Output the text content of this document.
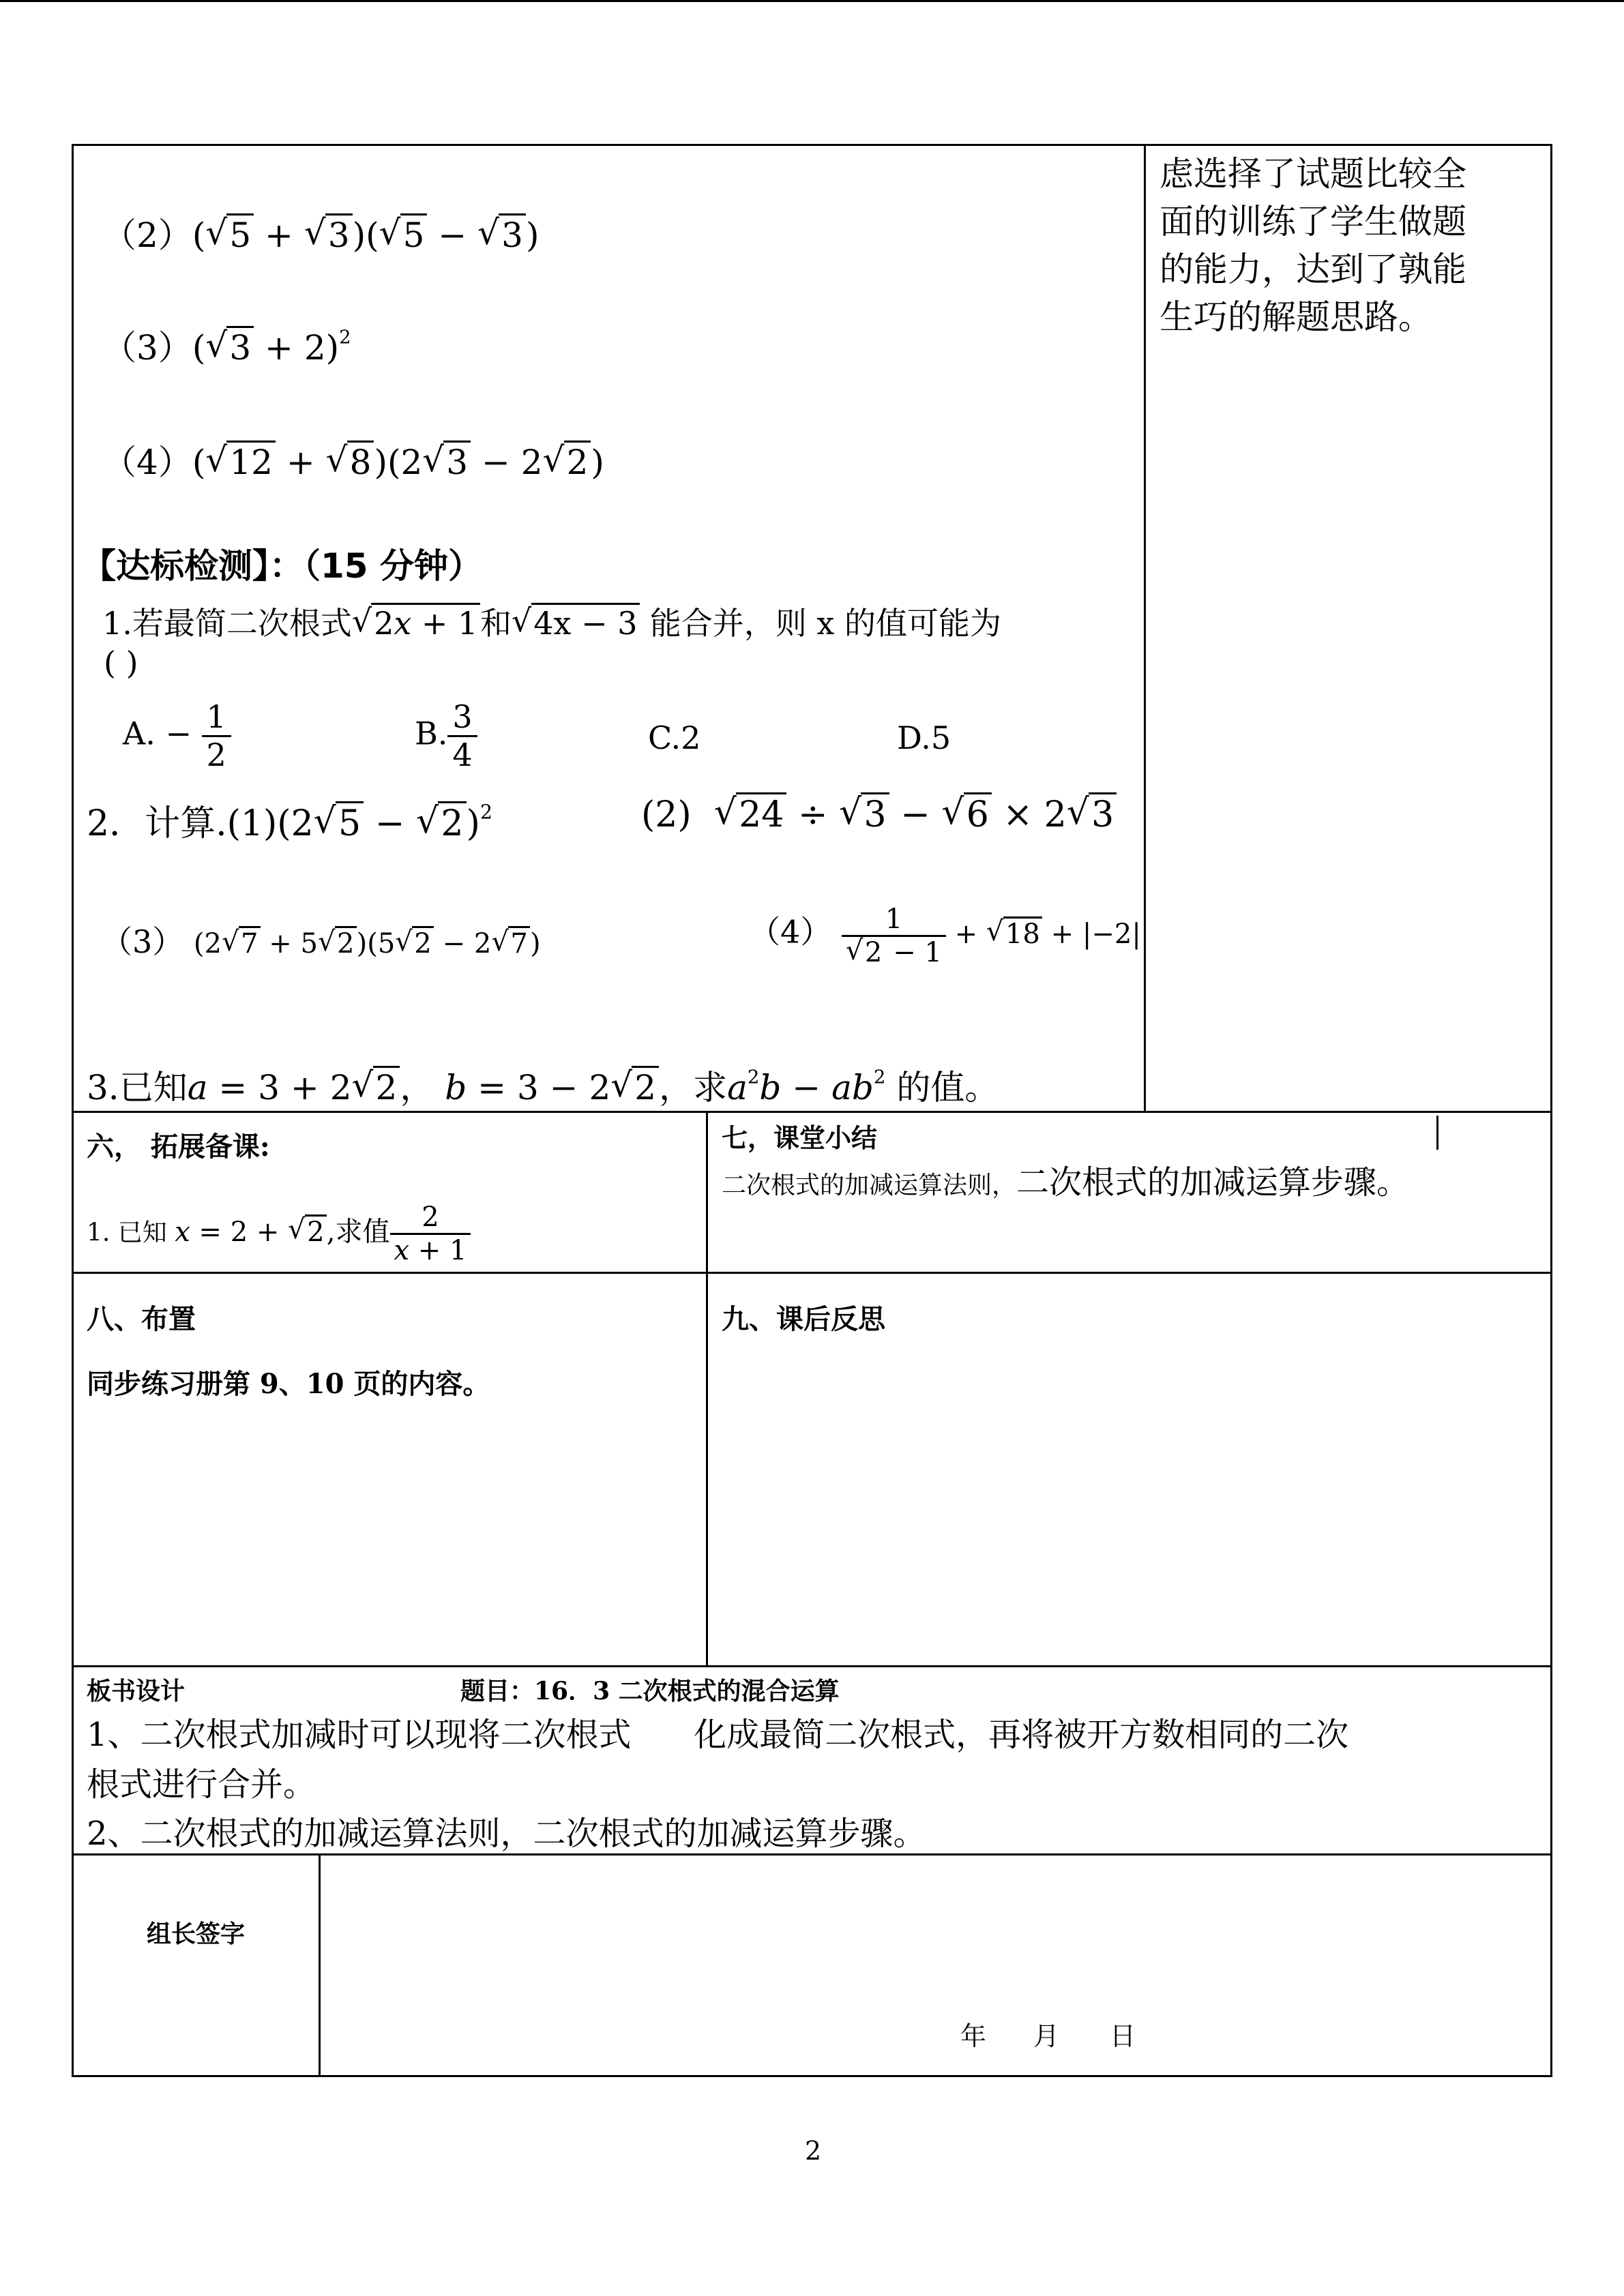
（2）( √ 5 + √ 3)( √ 5 − √ 3)
（3）( √ 3 + 2)$^2$
（4）( √ 12 + √ 8)(2 √ 3 − 2 √ 2)
虑选择了试题比较全
面的训练了学生做题
的能力，达到了孰能
生巧的解题思路。
【达标检测】：（15 分钟）
1.若最简二次根式 √ 2x + 1和 √ 4x − 3 能合并，则 x 的值可能为
( )
A. − $\frac{1}{2}$	B. $\frac{3}{4}$	C.2	D.5
2．计算.(1)(2 √ 5 − √ 2)$^2$	(2) √ 24 ÷ √ 3 − √ 6 × 2 √ 3
（3） (2 √ 7 + 5 √ 2)(5 √ 2 − 2 √ 7)	$(4) \frac{1}{√ 2 - 1}$ + √ 18 + |−2|
3.已知a = 3 + 2 √ 2， b = 3 − 2 √ 2，求$a^2b - ab^2$ 的值。
六， 拓展备课:
1. 已知 x = 2 + √ 2,求值 $\frac{2}{x + 1}$
七，课堂小结
二次根式的加减运算法则，二次根式的加减运算步骤。
八、布置
同步练习册第 9、10 页的内容。
九、课后反思
板书设计	题目：16．3 二次根式的混合运算
1、二次根式加减时可以现将二次根式      化成最简二次根式，再将被开方数相同的二次
根式进行合并。
2、二次根式的加减运算法则，二次根式的加减运算步骤。
组长签字
年 月 日
2
